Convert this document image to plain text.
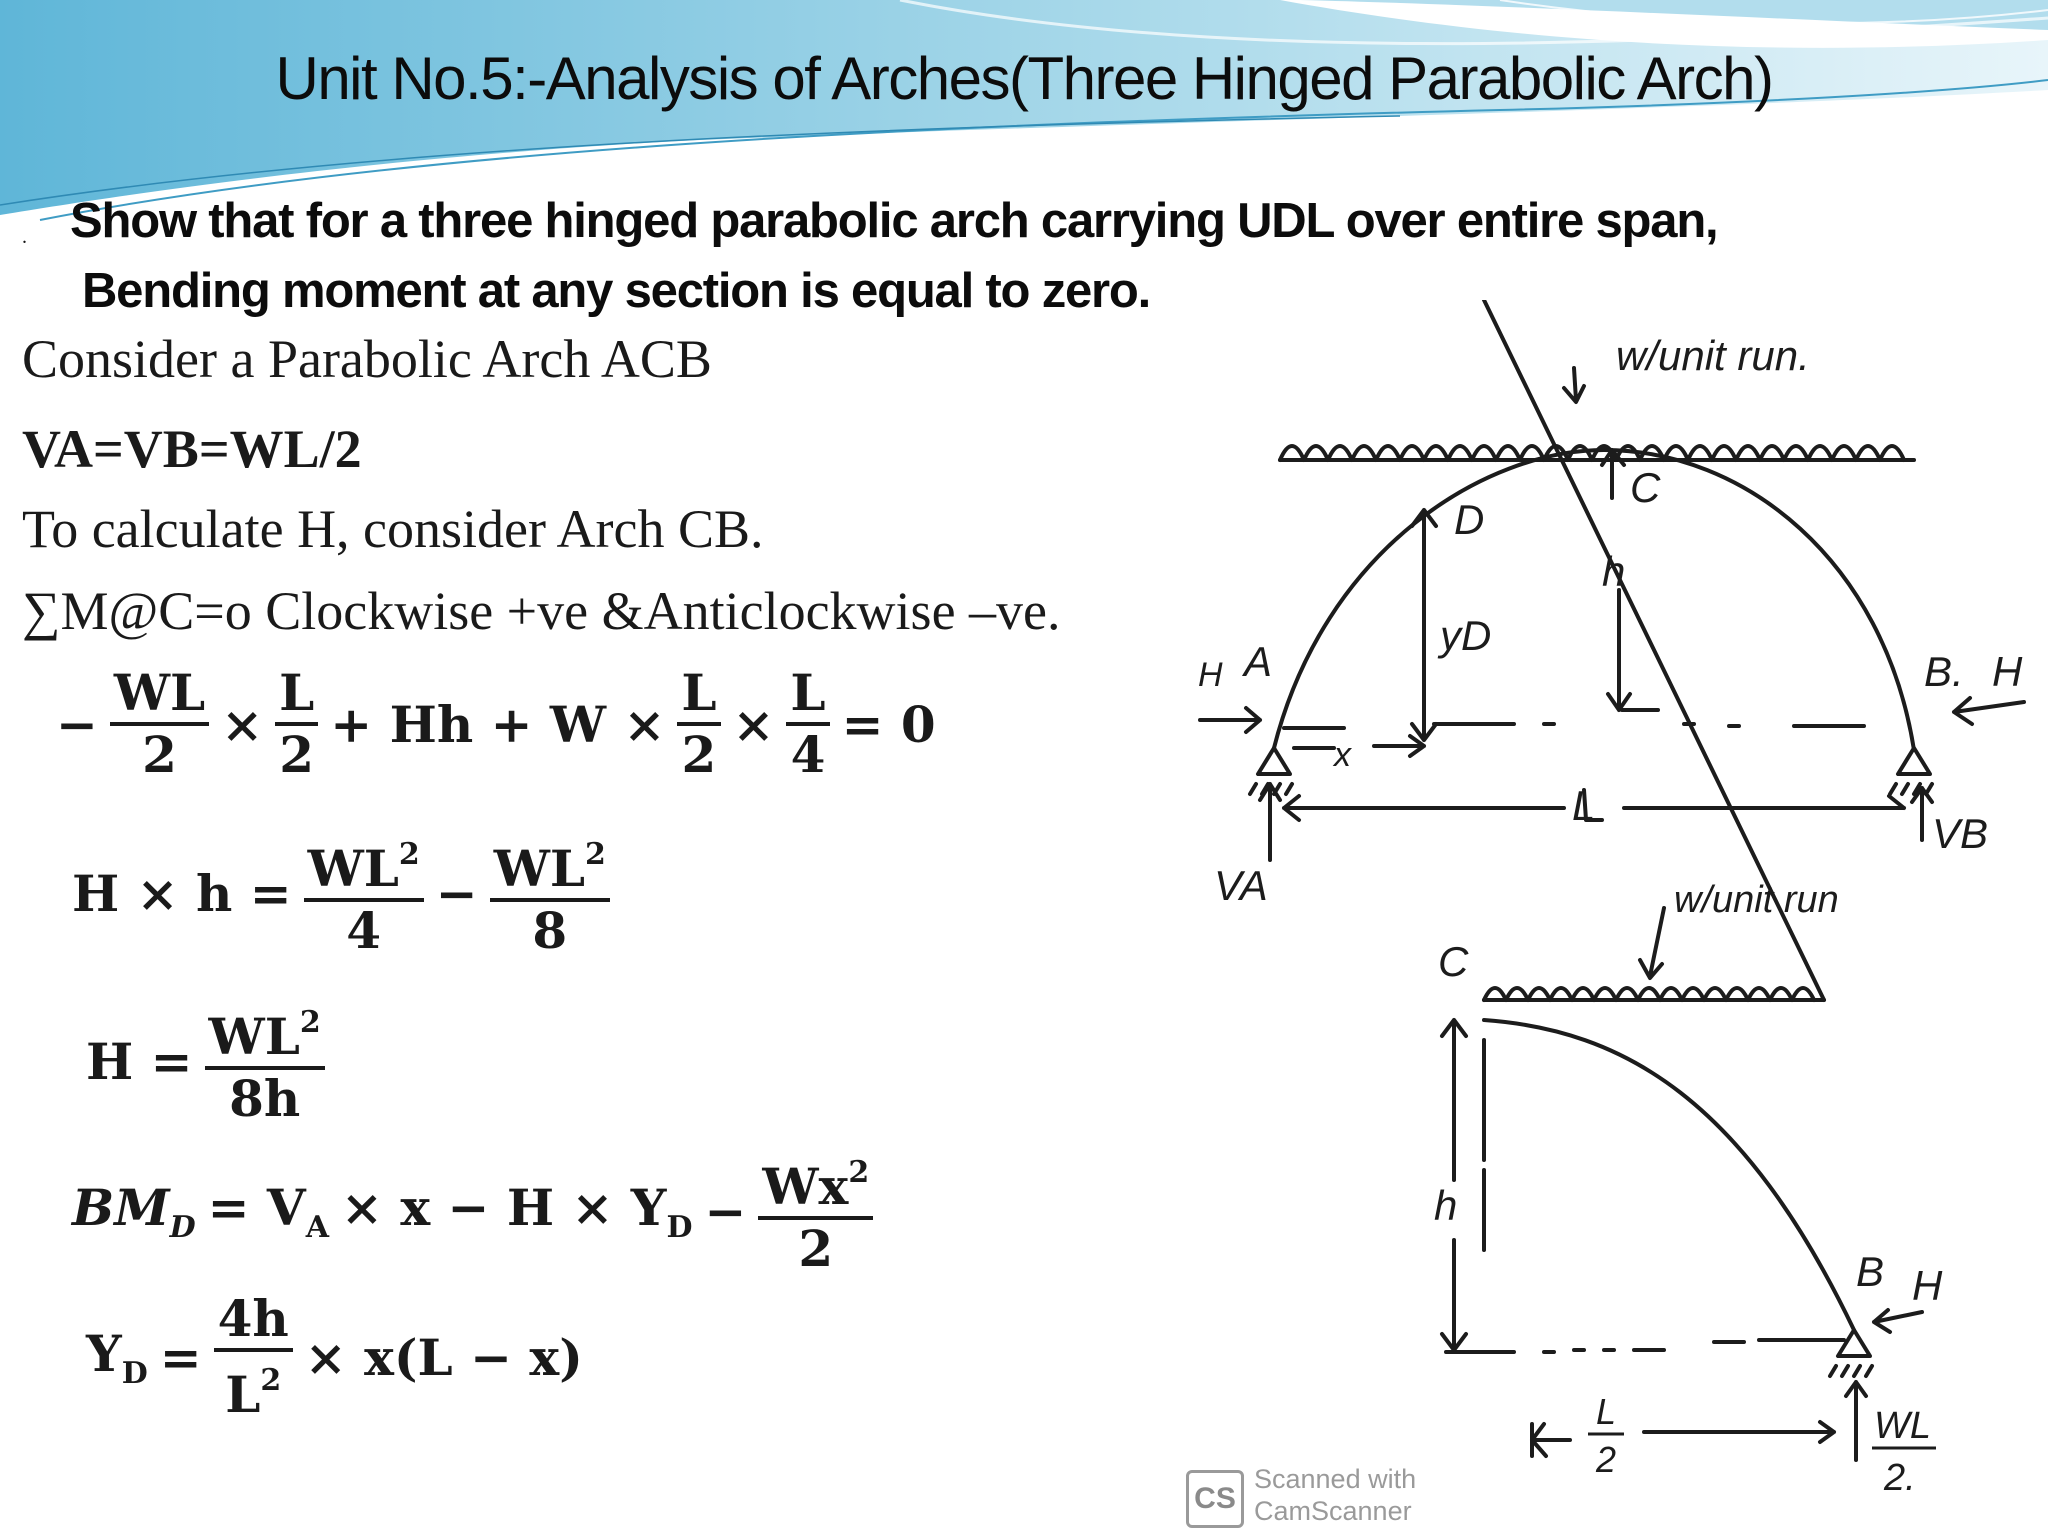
Unit No.5:-Analysis of Arches(Three Hinged Parabolic Arch)
. Show that for a three hinged parabolic arch carrying UDL over entire span,
Bending moment at any section is equal to zero.
Consider a Parabolic Arch ACB
VA=VB=WL/2
To calculate H, consider Arch CB.
∑M@C=o Clockwise +ve &Anticlockwise –ve.
− $\frac{WL}{2} \times \frac{L}{2} + Hh + W \times \frac{L}{2} \times \frac{L}{4} = 0$
$H \times h = \frac{WL^2}{4} - \frac{WL^2}{8}$
$H = \frac{WL^2}{8h}$
$BM_D = V_A \times x - H \times Y_D - \frac{Wx^2}{2}$
$Y_D = \frac{4h}{L^2} \times x(L - x)$
w/unit run.
C
D
h
yD
A
H	B. H
x
L
VA
VB
w/unit run
C
h
B H
L
2
WL
2.
CS
Scanned with
CamScanner
